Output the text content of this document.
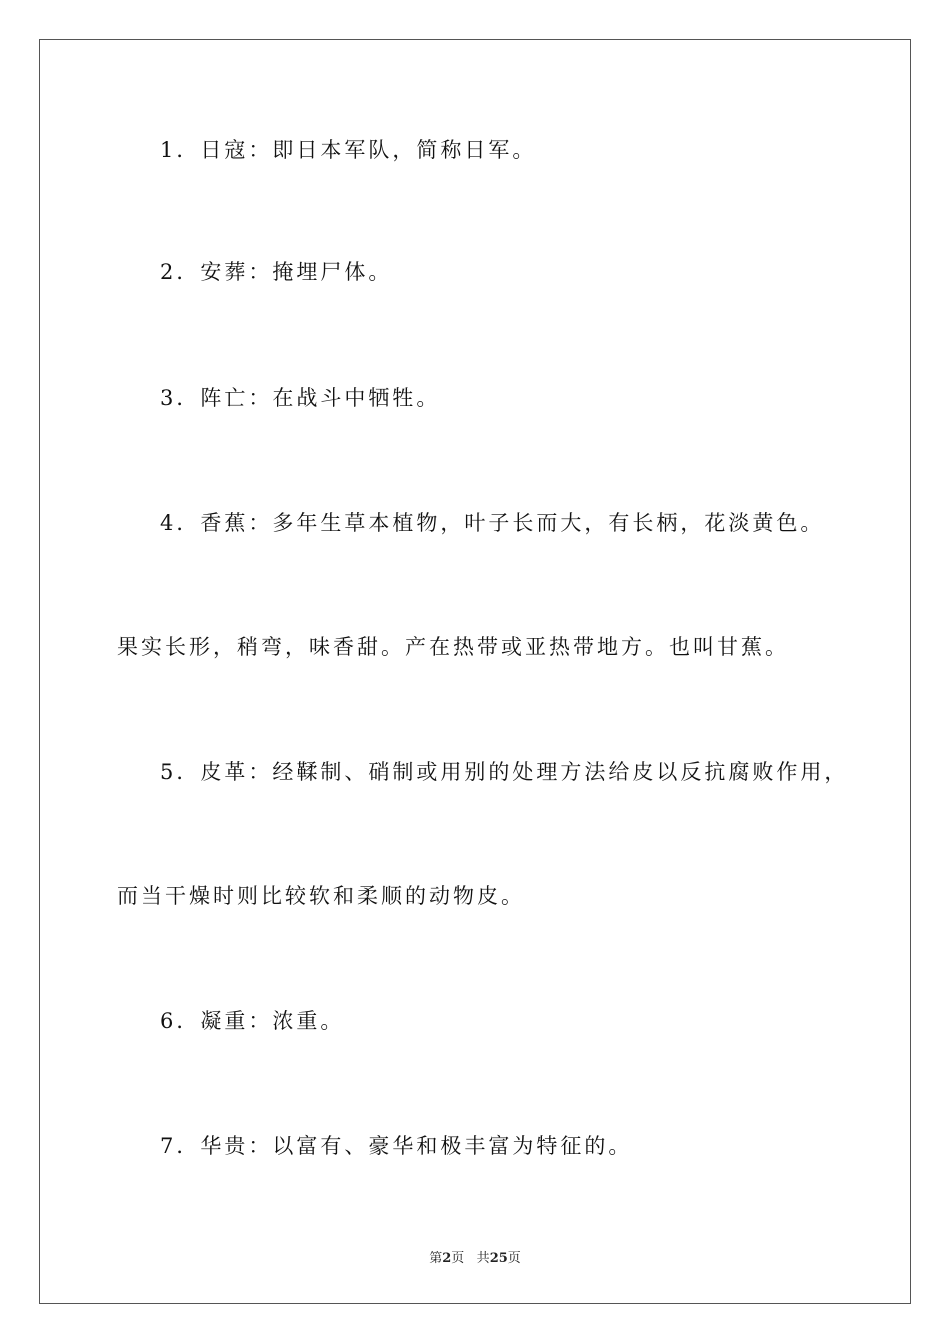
1．日寇：即日本军队，简称日军。
2．安葬：掩埋尸体。
3．阵亡：在战斗中牺牲。
4．香蕉：多年生草本植物，叶子长而大，有长柄，花淡黄色。
果实长形，稍弯，味香甜。产在热带或亚热带地方。也叫甘蕉。
5．皮革：经鞣制、硝制或用别的处理方法给皮以反抗腐败作用，
而当干燥时则比较软和柔顺的动物皮。
6．凝重：浓重。
7．华贵：以富有、豪华和极丰富为特征的。
第2页 共25页
